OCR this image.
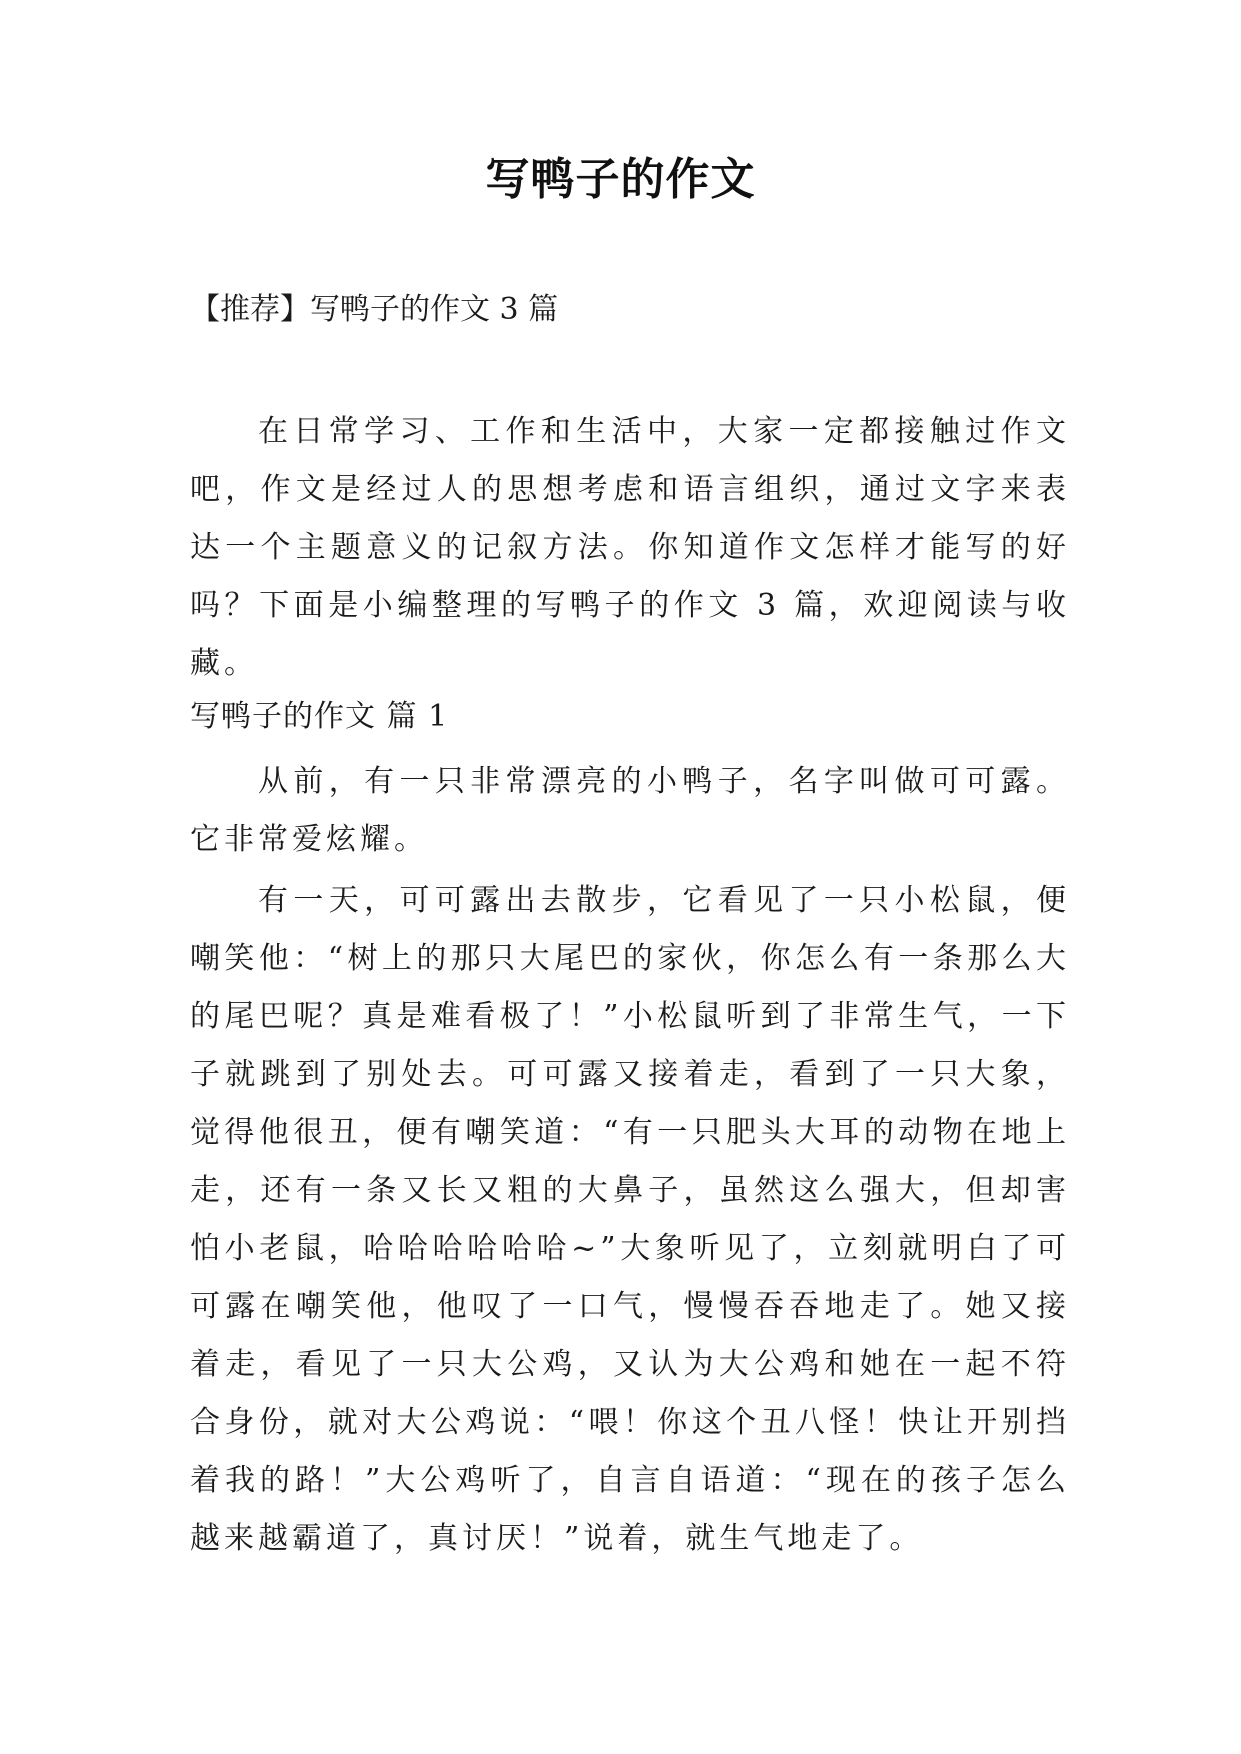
写鸭子的作文

【推荐】写鸭子的作文 3 篇

在日常学习、工作和生活中，大家一定都接触过作文吧，作文是经过人的思想考虑和语言组织，通过文字来表达一个主题意义的记叙方法。你知道作文怎样才能写的好吗？下面是小编整理的写鸭子的作文 3 篇，欢迎阅读与收藏。

写鸭子的作文 篇 1

从前，有一只非常漂亮的小鸭子，名字叫做可可露。它非常爱炫耀。

有一天，可可露出去散步，它看见了一只小松鼠，便嘲笑他：“树上的那只大尾巴的家伙，你怎么有一条那么大的尾巴呢？真是难看极了！”小松鼠听到了非常生气，一下子就跳到了别处去。可可露又接着走，看到了一只大象，觉得他很丑，便有嘲笑道：“有一只肥头大耳的动物在地上走，还有一条又长又粗的大鼻子，虽然这么强大，但却害怕小老鼠，哈哈哈哈哈哈~”大象听见了，立刻就明白了可可露在嘲笑他，他叹了一口气，慢慢吞吞地走了。她又接着走，看见了一只大公鸡，又认为大公鸡和她在一起不符合身份，就对大公鸡说：“喂！你这个丑八怪！快让开别挡着我的路！”大公鸡听了，自言自语道：“现在的孩子怎么越来越霸道了，真讨厌！”说着，就生气地走了。
